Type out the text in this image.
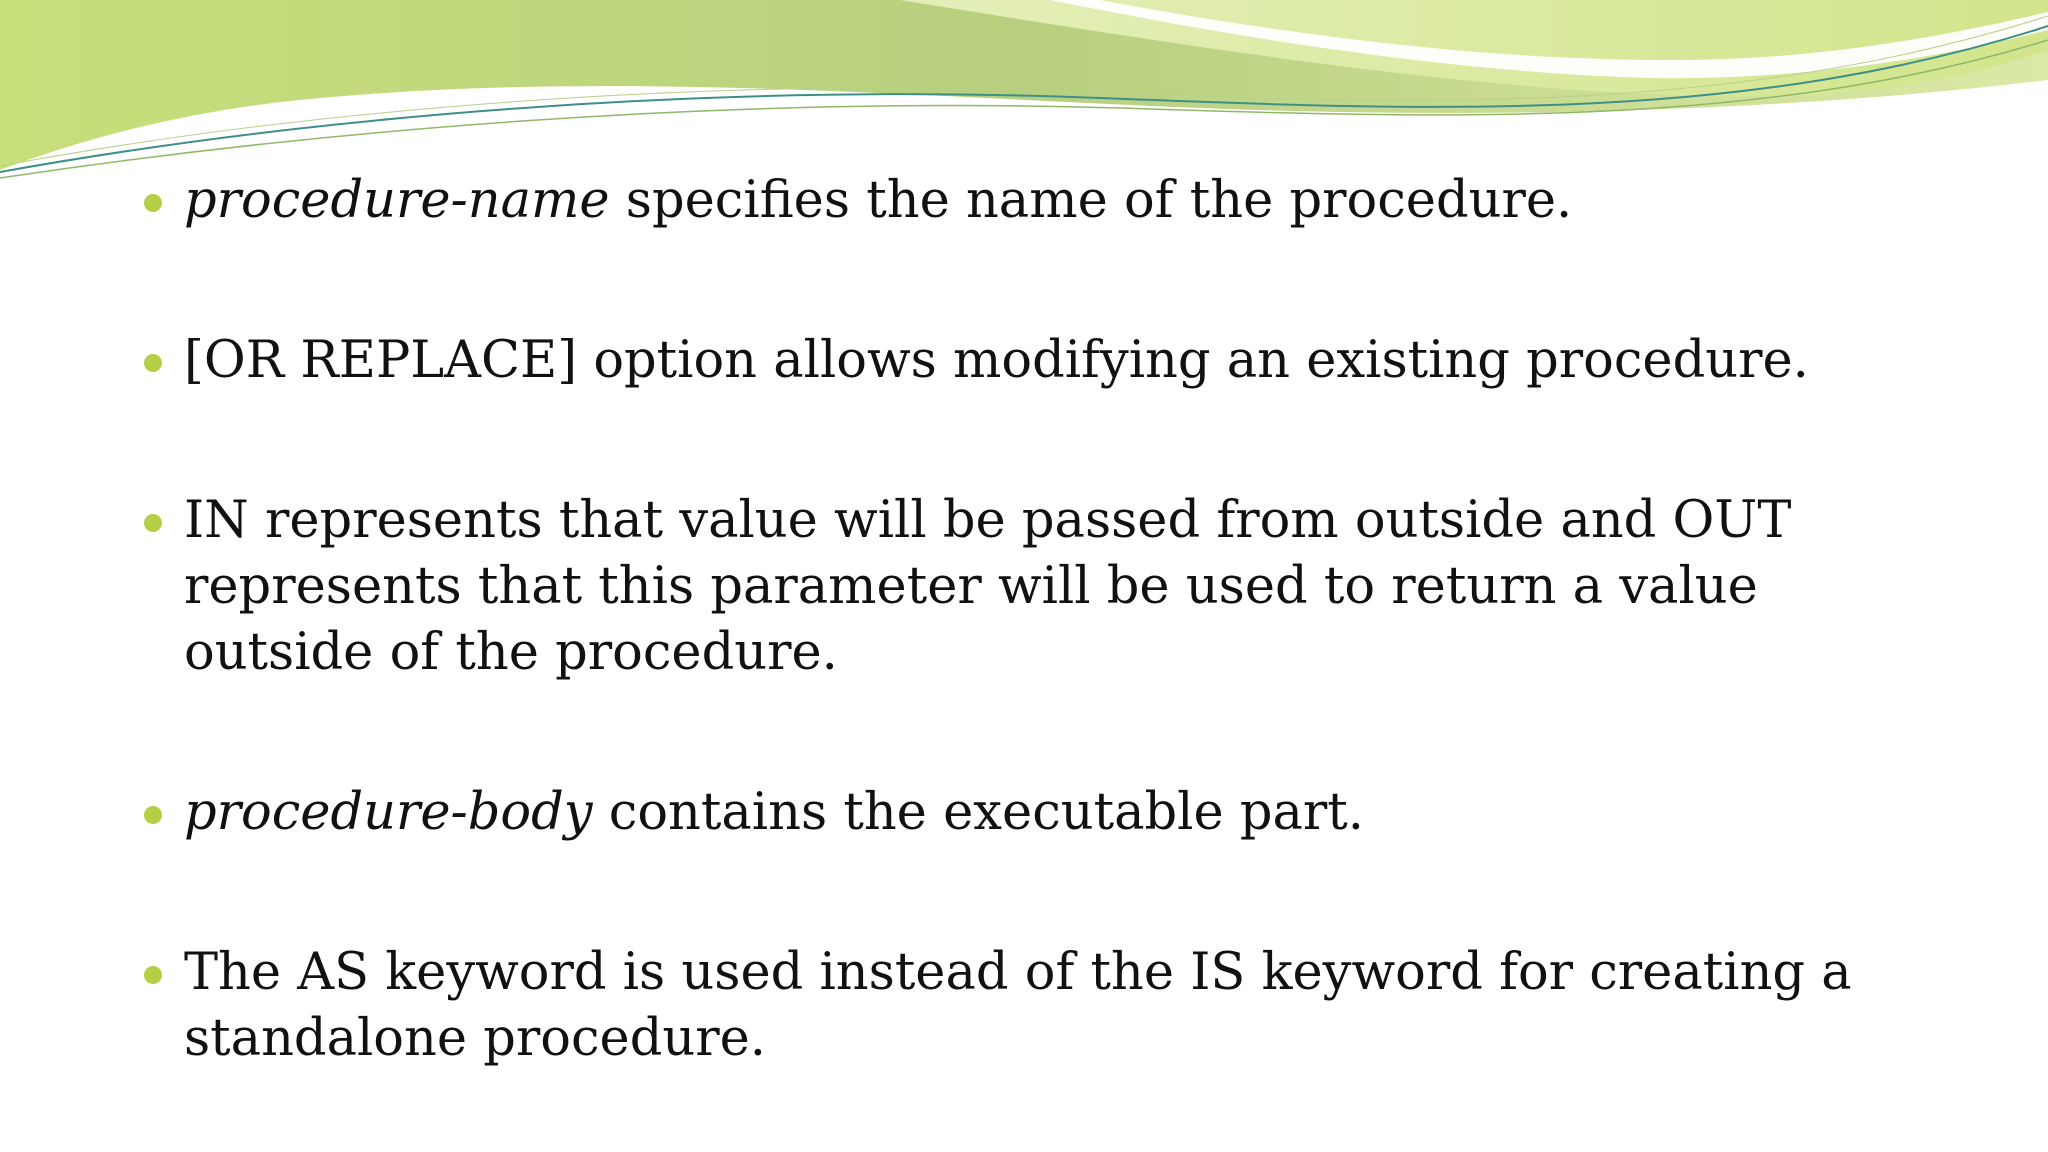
procedure-name specifies the name of the procedure.
[OR REPLACE] option allows modifying an existing procedure.
IN represents that value will be passed from outside and OUT represents that this parameter will be used to return a value outside of the procedure.
procedure-body contains the executable part.
The AS keyword is used instead of the IS keyword for creating a standalone procedure.
